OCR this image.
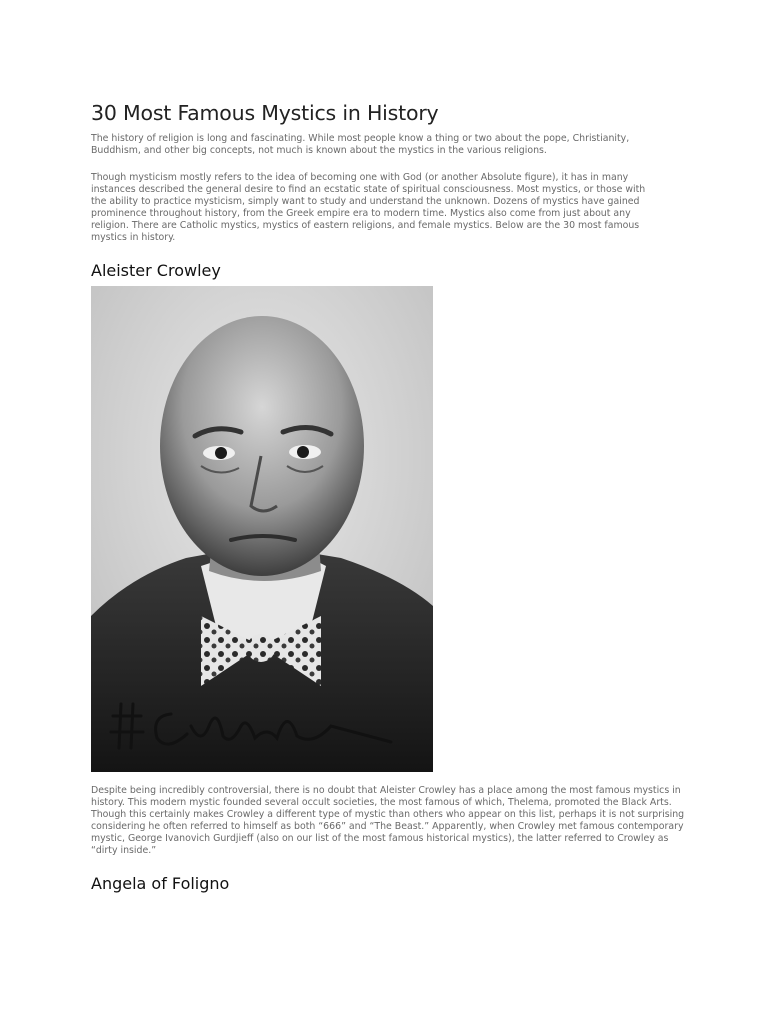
30 Most Famous Mystics in History

The history of religion is long and fascinating. While most people know a thing or two about the pope, Christianity, Buddhism, and other big concepts, not much is known about the mystics in the various religions.

Though mysticism mostly refers to the idea of becoming one with God (or another Absolute figure), it has in many instances described the general desire to find an ecstatic state of spiritual consciousness. Most mystics, or those with the ability to practice mysticism, simply want to study and understand the unknown. Dozens of mystics have gained prominence throughout history, from the Greek empire era to modern time. Mystics also come from just about any religion. There are Catholic mystics, mystics of eastern religions, and female mystics. Below are the 30 most famous mystics in history.

Aleister Crowley

Despite being incredibly controversial, there is no doubt that Aleister Crowley has a place among the most famous mystics in history. This modern mystic founded several occult societies, the most famous of which, Thelema, promoted the Black Arts. Though this certainly makes Crowley a different type of mystic than others who appear on this list, perhaps it is not surprising considering he often referred to himself as both “666” and “The Beast.” Apparently, when Crowley met famous contemporary mystic, George Ivanovich Gurdjieff (also on our list of the most famous historical mystics), the latter referred to Crowley as “dirty inside.”

Angela of Foligno
